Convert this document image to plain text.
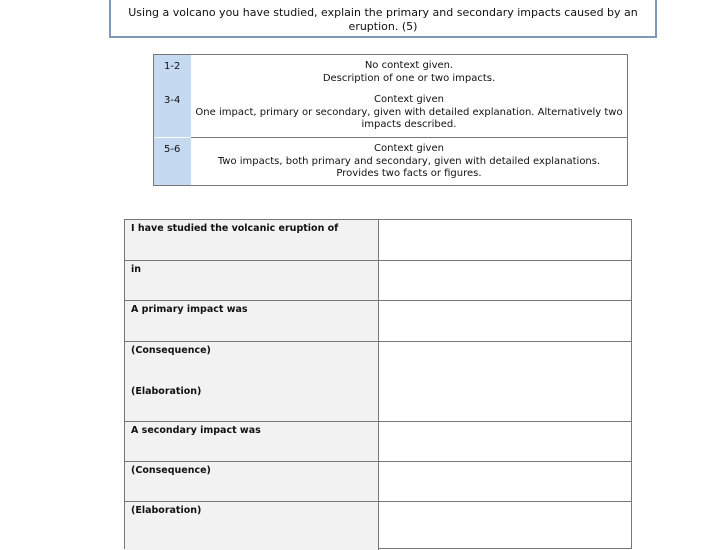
Using a volcano you have studied, explain the primary and secondary impacts caused by an
eruption. (5)
1-2	No context given.
Description of one or two impacts.
3-4	Context given
One impact, primary or secondary, given with detailed explanation. Alternatively two
impacts described.
5-6	Context given
Two impacts, both primary and secondary, given with detailed explanations.
Provides two facts or figures.
I have studied the volcanic eruption of
in
A primary impact was
(Consequence)
(Elaboration)
A secondary impact was
(Consequence)
(Elaboration)
